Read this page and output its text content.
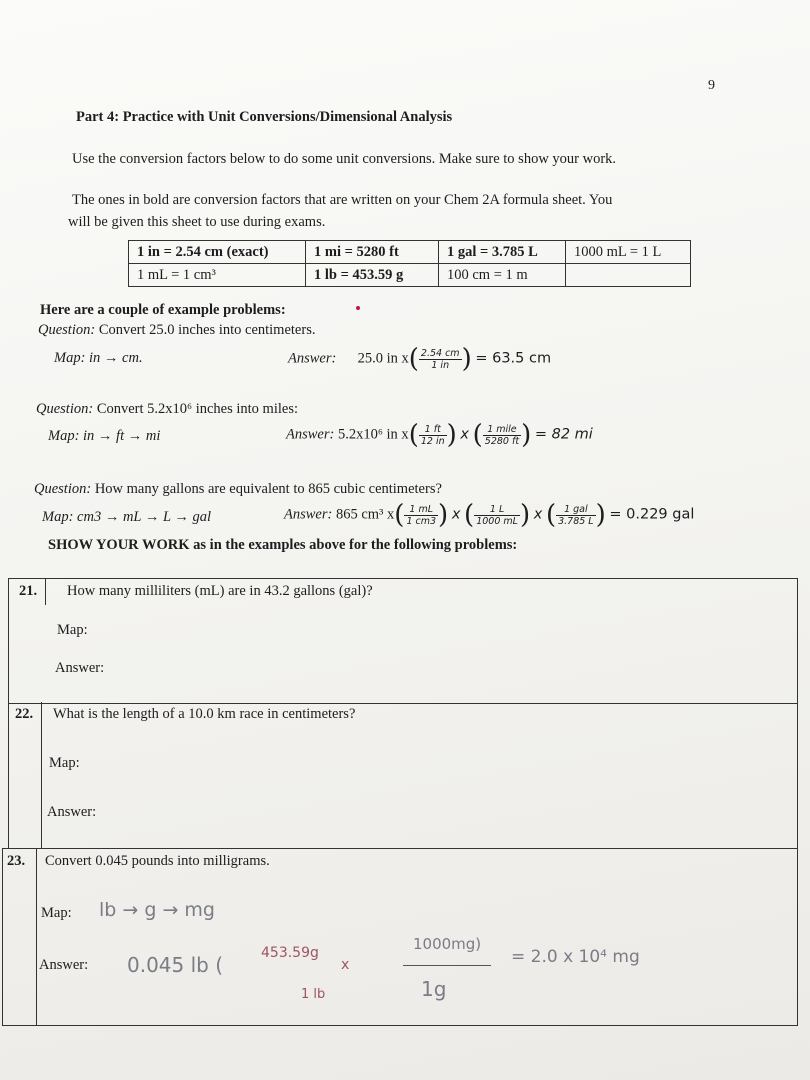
9
Part 4: Practice with Unit Conversions/Dimensional Analysis
Use the conversion factors below to do some unit conversions. Make sure to show your work.
The ones in bold are conversion factors that are written on your Chem 2A formula sheet. You
will be given this sheet to use during exams.
1 in = 2.54 cm (exact)	1 mi = 5280 ft	1 gal = 3.785 L	1000 mL = 1 L
1 mL = 1 cm³	1 lb = 453.59 g	100 cm = 1 m	
Here are a couple of example problems:
Question: Convert 25.0 inches into centimeters.
Map: in → cm.	Answer: 25.0 in $x( \frac{2.54 cm}{1 in}$ ) = 63.5 cm
Question: Convert 5.2x10⁶ inches into miles:
Map: in → ft → mi	Answer: 5.2x10⁶ in $x( \frac{1 ft}{12 in}$ ) x ( $\frac{\text{1 mile}}{5280 ft}$ ) = 82 mi
Question: How many gallons are equivalent to 865 cubic centimeters?
Map: cm3 → mL → L → gal	Answer: 865 cm³ $x( \frac{1 mL}{1 cm3}$ ) x ( $\frac{1 L}{1000 mL}$ ) x ( $\frac{\text{1 gal}}{3.785 L}$ ) = 0.229 gal
SHOW YOUR WORK as in the examples above for the following problems:
21. How many milliliters (mL) are in 43.2 gallons (gal)?
Map:
Answer:
22. What is the length of a 10.0 km race in centimeters?
Map:
Answer:
23. Convert 0.045 pounds into milligrams.
Map: lb → g → mg
Answer: 0.045 lb (	453.59g
1 lb
x
1000mg)
1g
= 2.0 x 10⁴ mg
